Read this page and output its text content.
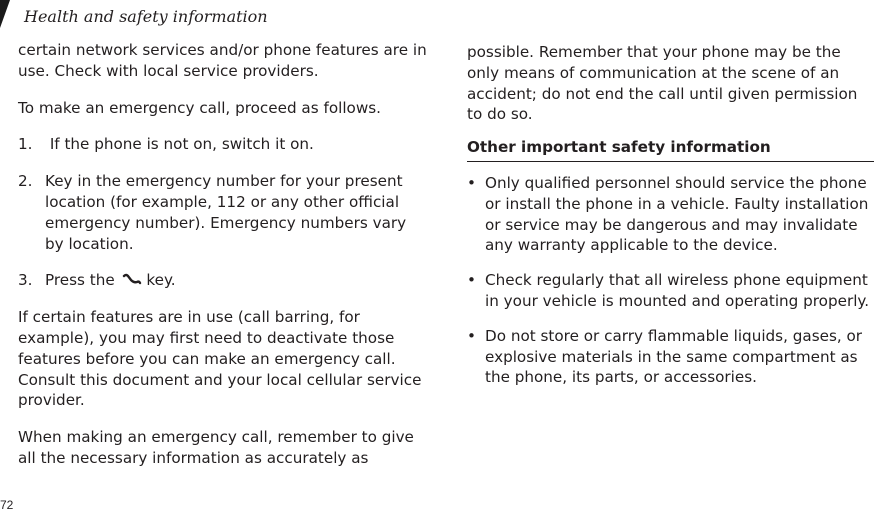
Health and safety information

certain network services and/or phone features are in use. Check with local service providers.

To make an emergency call, proceed as follows.

1. If the phone is not on, switch it on.
2. Key in the emergency number for your present location (for example, 112 or any other official emergency number). Emergency numbers vary by location.
3. Press the  key.

If certain features are in use (call barring, for example), you may first need to deactivate those features before you can make an emergency call. Consult this document and your local cellular service provider.

When making an emergency call, remember to give all the necessary information as accurately as

possible. Remember that your phone may be the only means of communication at the scene of an accident; do not end the call until given permission to do so.

Other important safety information
• Only qualified personnel should service the phone or install the phone in a vehicle. Faulty installation or service may be dangerous and may invalidate any warranty applicable to the device.
• Check regularly that all wireless phone equipment in your vehicle is mounted and operating properly.
• Do not store or carry flammable liquids, gases, or explosive materials in the same compartment as the phone, its parts, or accessories.
72
